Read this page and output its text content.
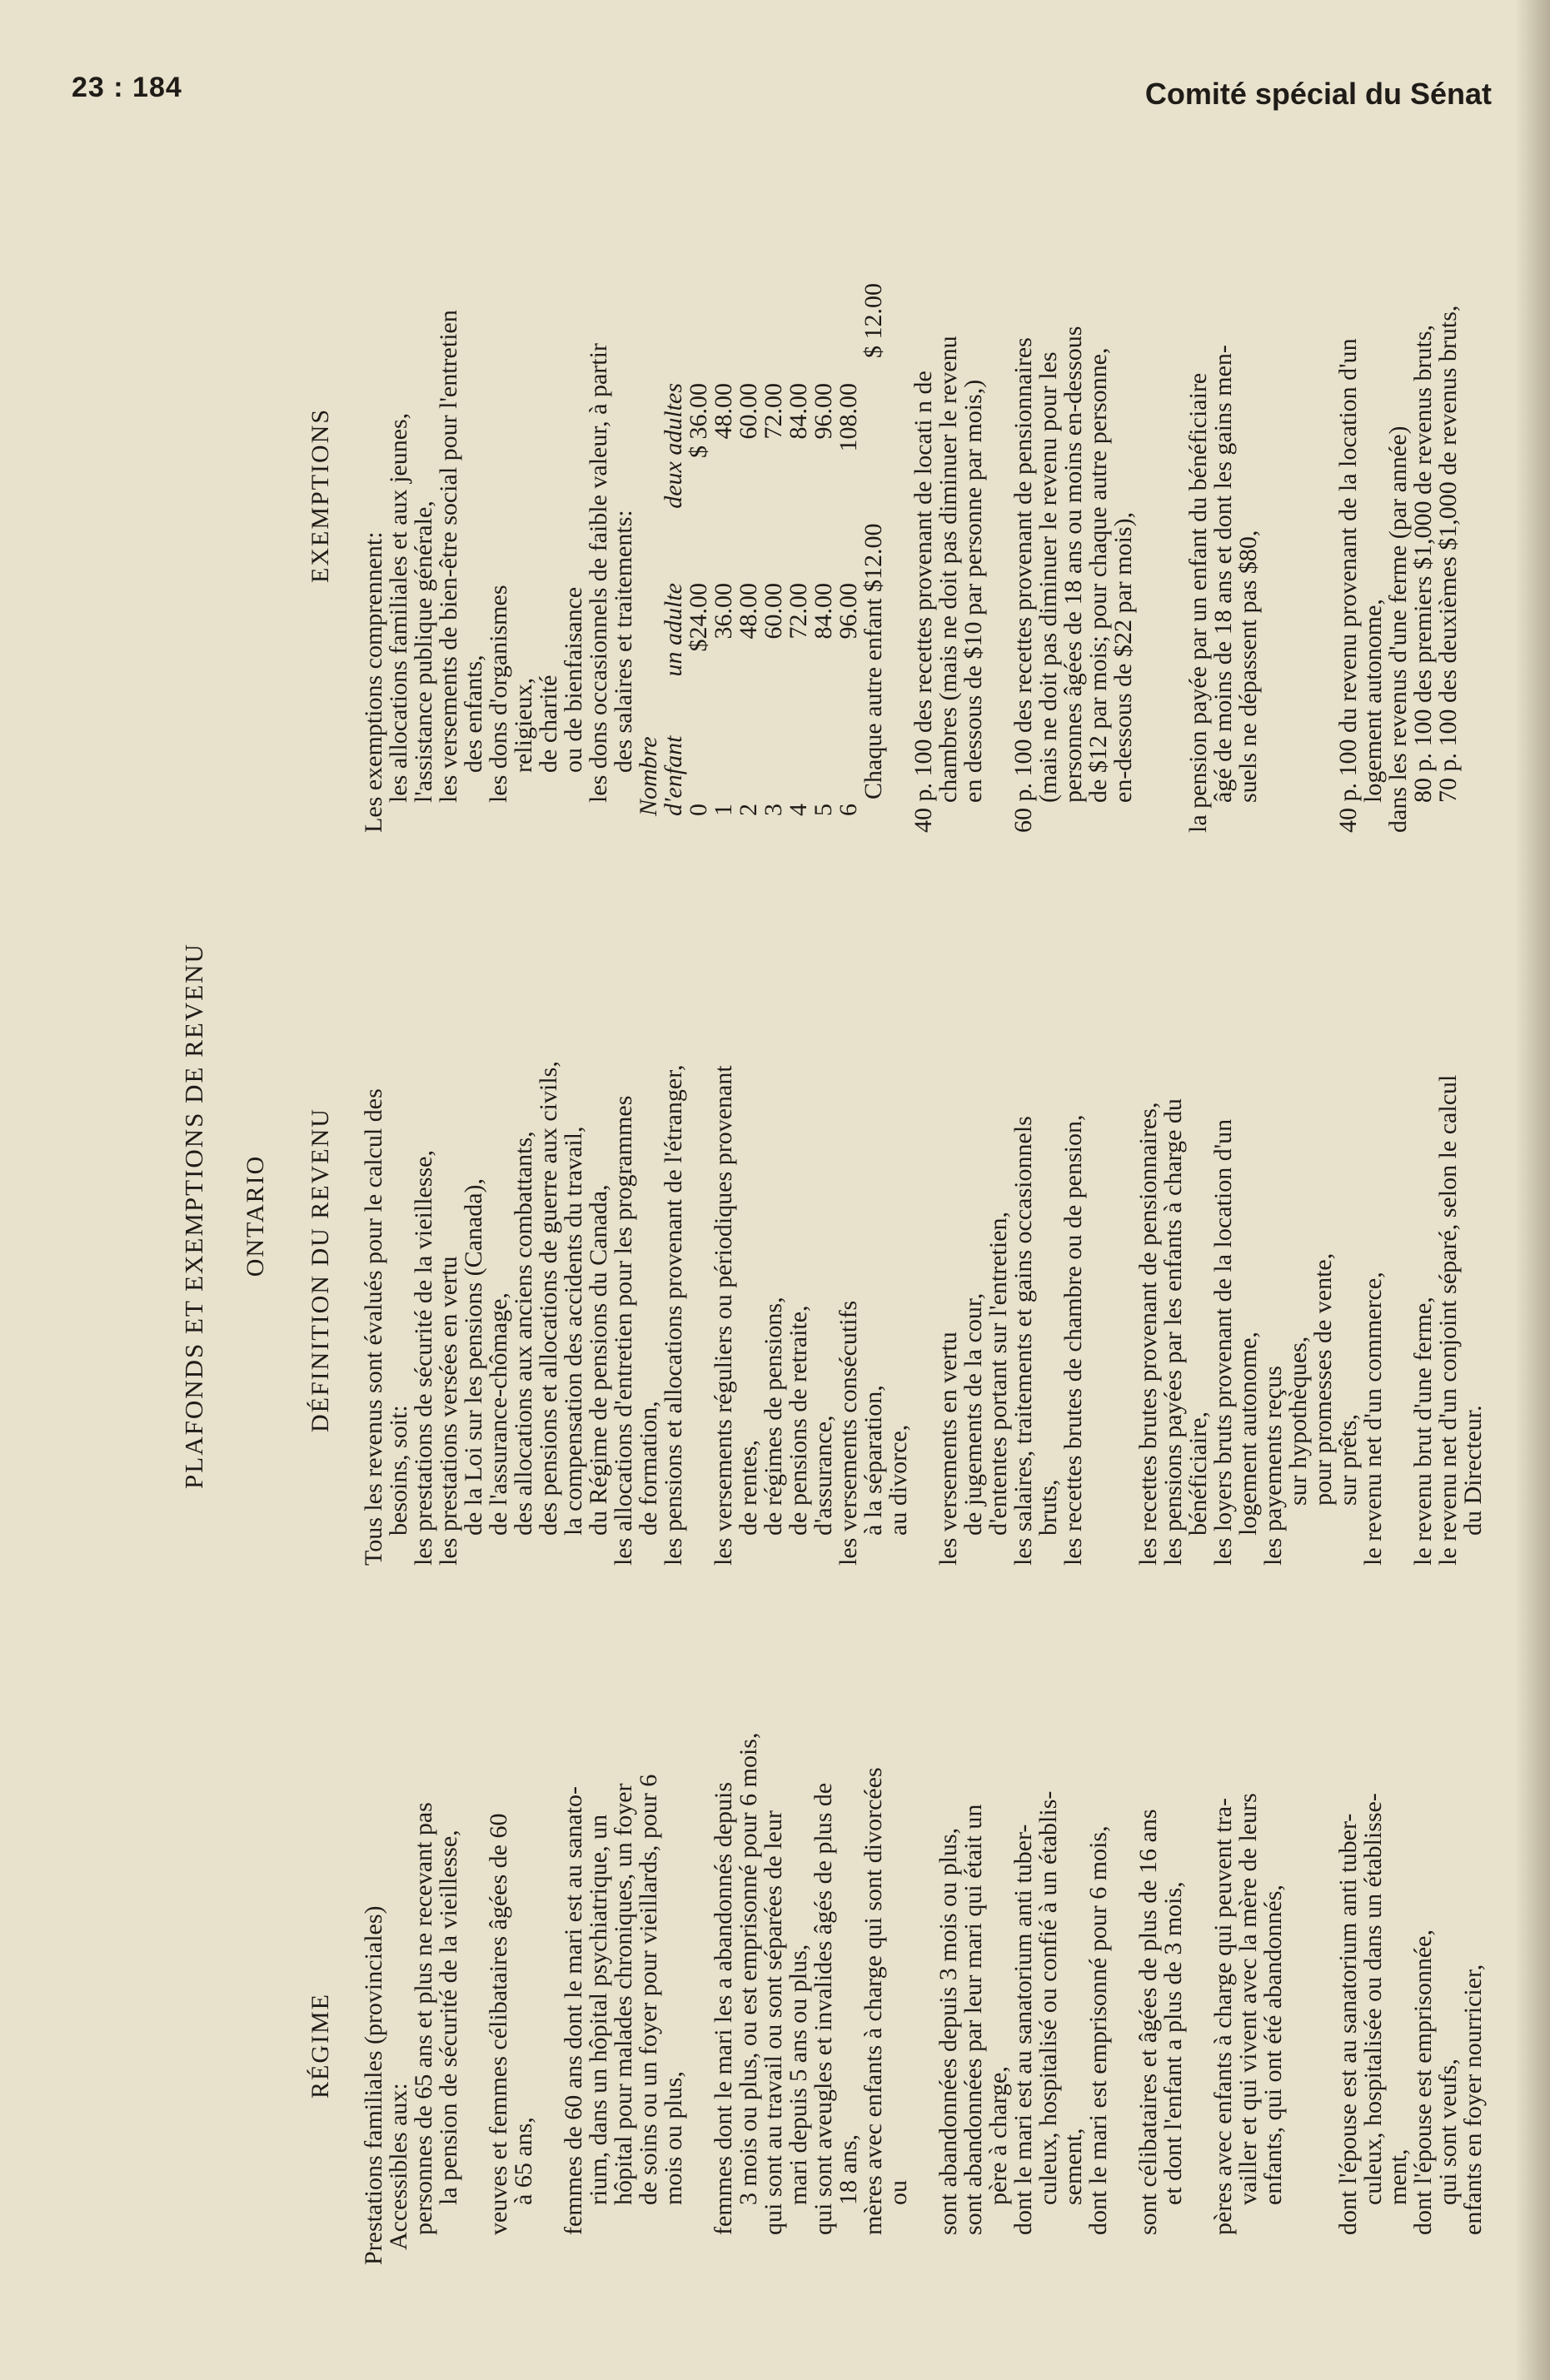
23 : 184	Comité spécial du Sénat
PLAFONDS ET EXEMPTIONS DE REVENU ONTARIO
RÉGIME Prestations familiales (provinciales)
Accessibles aux:
personnes de 65 ans et plus ne recevant pas
la pension de sécurité de la vieillesse, veuves et femmes célibataires âgées de 60
à 65 ans, femmes de 60 ans dont le mari est au sanato-
rium, dans un hôpital psychiatrique, un
hôpital pour malades chroniques, un foyer
de soins ou un foyer pour vieillards, pour 6
mois ou plus, femmes dont le mari les a abandonnés depuis
3 mois ou plus, ou est emprisonné pour 6 mois,
qui sont au travail ou sont séparées de leur
mari depuis 5 ans ou plus,
qui sont aveugles et invalides âgés de plus de
18 ans,
mères avec enfants à charge qui sont divorcées
ou sont abandonnées depuis 3 mois ou plus,
sont abandonnées par leur mari qui était un
père à charge,
dont le mari est au sanatorium anti tuber-
culeux, hospitalisé ou confié à un établis-
sement,
dont le mari est emprisonné pour 6 mois, sont célibataires et âgées de plus de 16 ans
et dont l'enfant a plus de 3 mois, pères avec enfants à charge qui peuvent tra-
vailler et qui vivent avec la mère de leurs
enfants, qui ont été abandonnés, dont l'épouse est au sanatorium anti tuber-
culeux, hospitalisée ou dans un établisse-
ment,
dont l'épouse est emprisonnée,
qui sont veufs,
enfants en foyer nourricier,
DÉFINITION DU REVENU Tous les revenus sont évalués pour le calcul des
besoins, soit:
les prestations de sécurité de la vieillesse,
les prestations versées en vertu
de la Loi sur les pensions (Canada),
de l'assurance-chômage,
des allocations aux anciens combattants,
des pensions et allocations de guerre aux civils,
la compensation des accidents du travail,
du Régime de pensions du Canada,
les allocations d'entretien pour les programmes
de formation,
les pensions et allocations provenant de l'étranger, les versements réguliers ou périodiques provenant
de rentes,
de régimes de pensions,
de pensions de retraite,
d'assurance,
les versements consécutifs
à la séparation,
au divorce, les versements en vertu
de jugements de la cour,
d'ententes portant sur l'entretien,
les salaires, traitements et gains occasionnels
bruts,
les recettes brutes de chambre ou de pension, les recettes brutes provenant de pensionnaires,
les pensions payées par les enfants à charge du
bénéficiaire,
les loyers bruts provenant de la location d'un
logement autonome,
les payements reçus
sur hypothèques,
pour promesses de vente,
sur prêts,
le revenu net d'un commerce, le revenu brut d'une ferme,
le revenu net d'un conjoint séparé, selon le calcul
du Directeur.
EXEMPTIONS
Les exemptions comprennent:
les allocations familiales et aux jeunes,
l'assistance publique générale,
les versements de bien-être social pour l'entretien
des enfants,
les dons d'organismes
religieux,
de charité
ou de bienfaisance
les dons occasionnels de faible valeur, à partir
des salaires et traitements:
Nombre
d'enfant
un adulte
deux adultes
0
$24.00
$ 36.00
1
36.00
48.00
2
48.00
60.00
3
60.00
72.00
4
72.00
84.00
5
84.00
96.00
6
96.00
108.00
Chaque autre enfant $12.00
$ 12.00
40 p. 100 des recettes provenant de locati n de
chambres (mais ne doit pas diminuer le revenu
en dessous de $10 par personne par mois,) 60 p. 100 des recettes provenant de pensionnaires
(mais ne doit pas diminuer le revenu pour les
personnes âgées de 18 ans ou moins en-dessous
de $12 par mois; pour chaque autre personne,
en-dessous de $22 par mois), la pension payée par un enfant du bénéficiaire
âgé de moins de 18 ans et dont les gains men-
suels ne dépassent pas $80,	40 p. 100 du revenu provenant de la location d'un
logement autonome,
dans les revenus d'une ferme (par année)
80 p. 100 des premiers $1,000 de revenus bruts,
70 p. 100 des deuxièmes $1,000 de revenus bruts,
